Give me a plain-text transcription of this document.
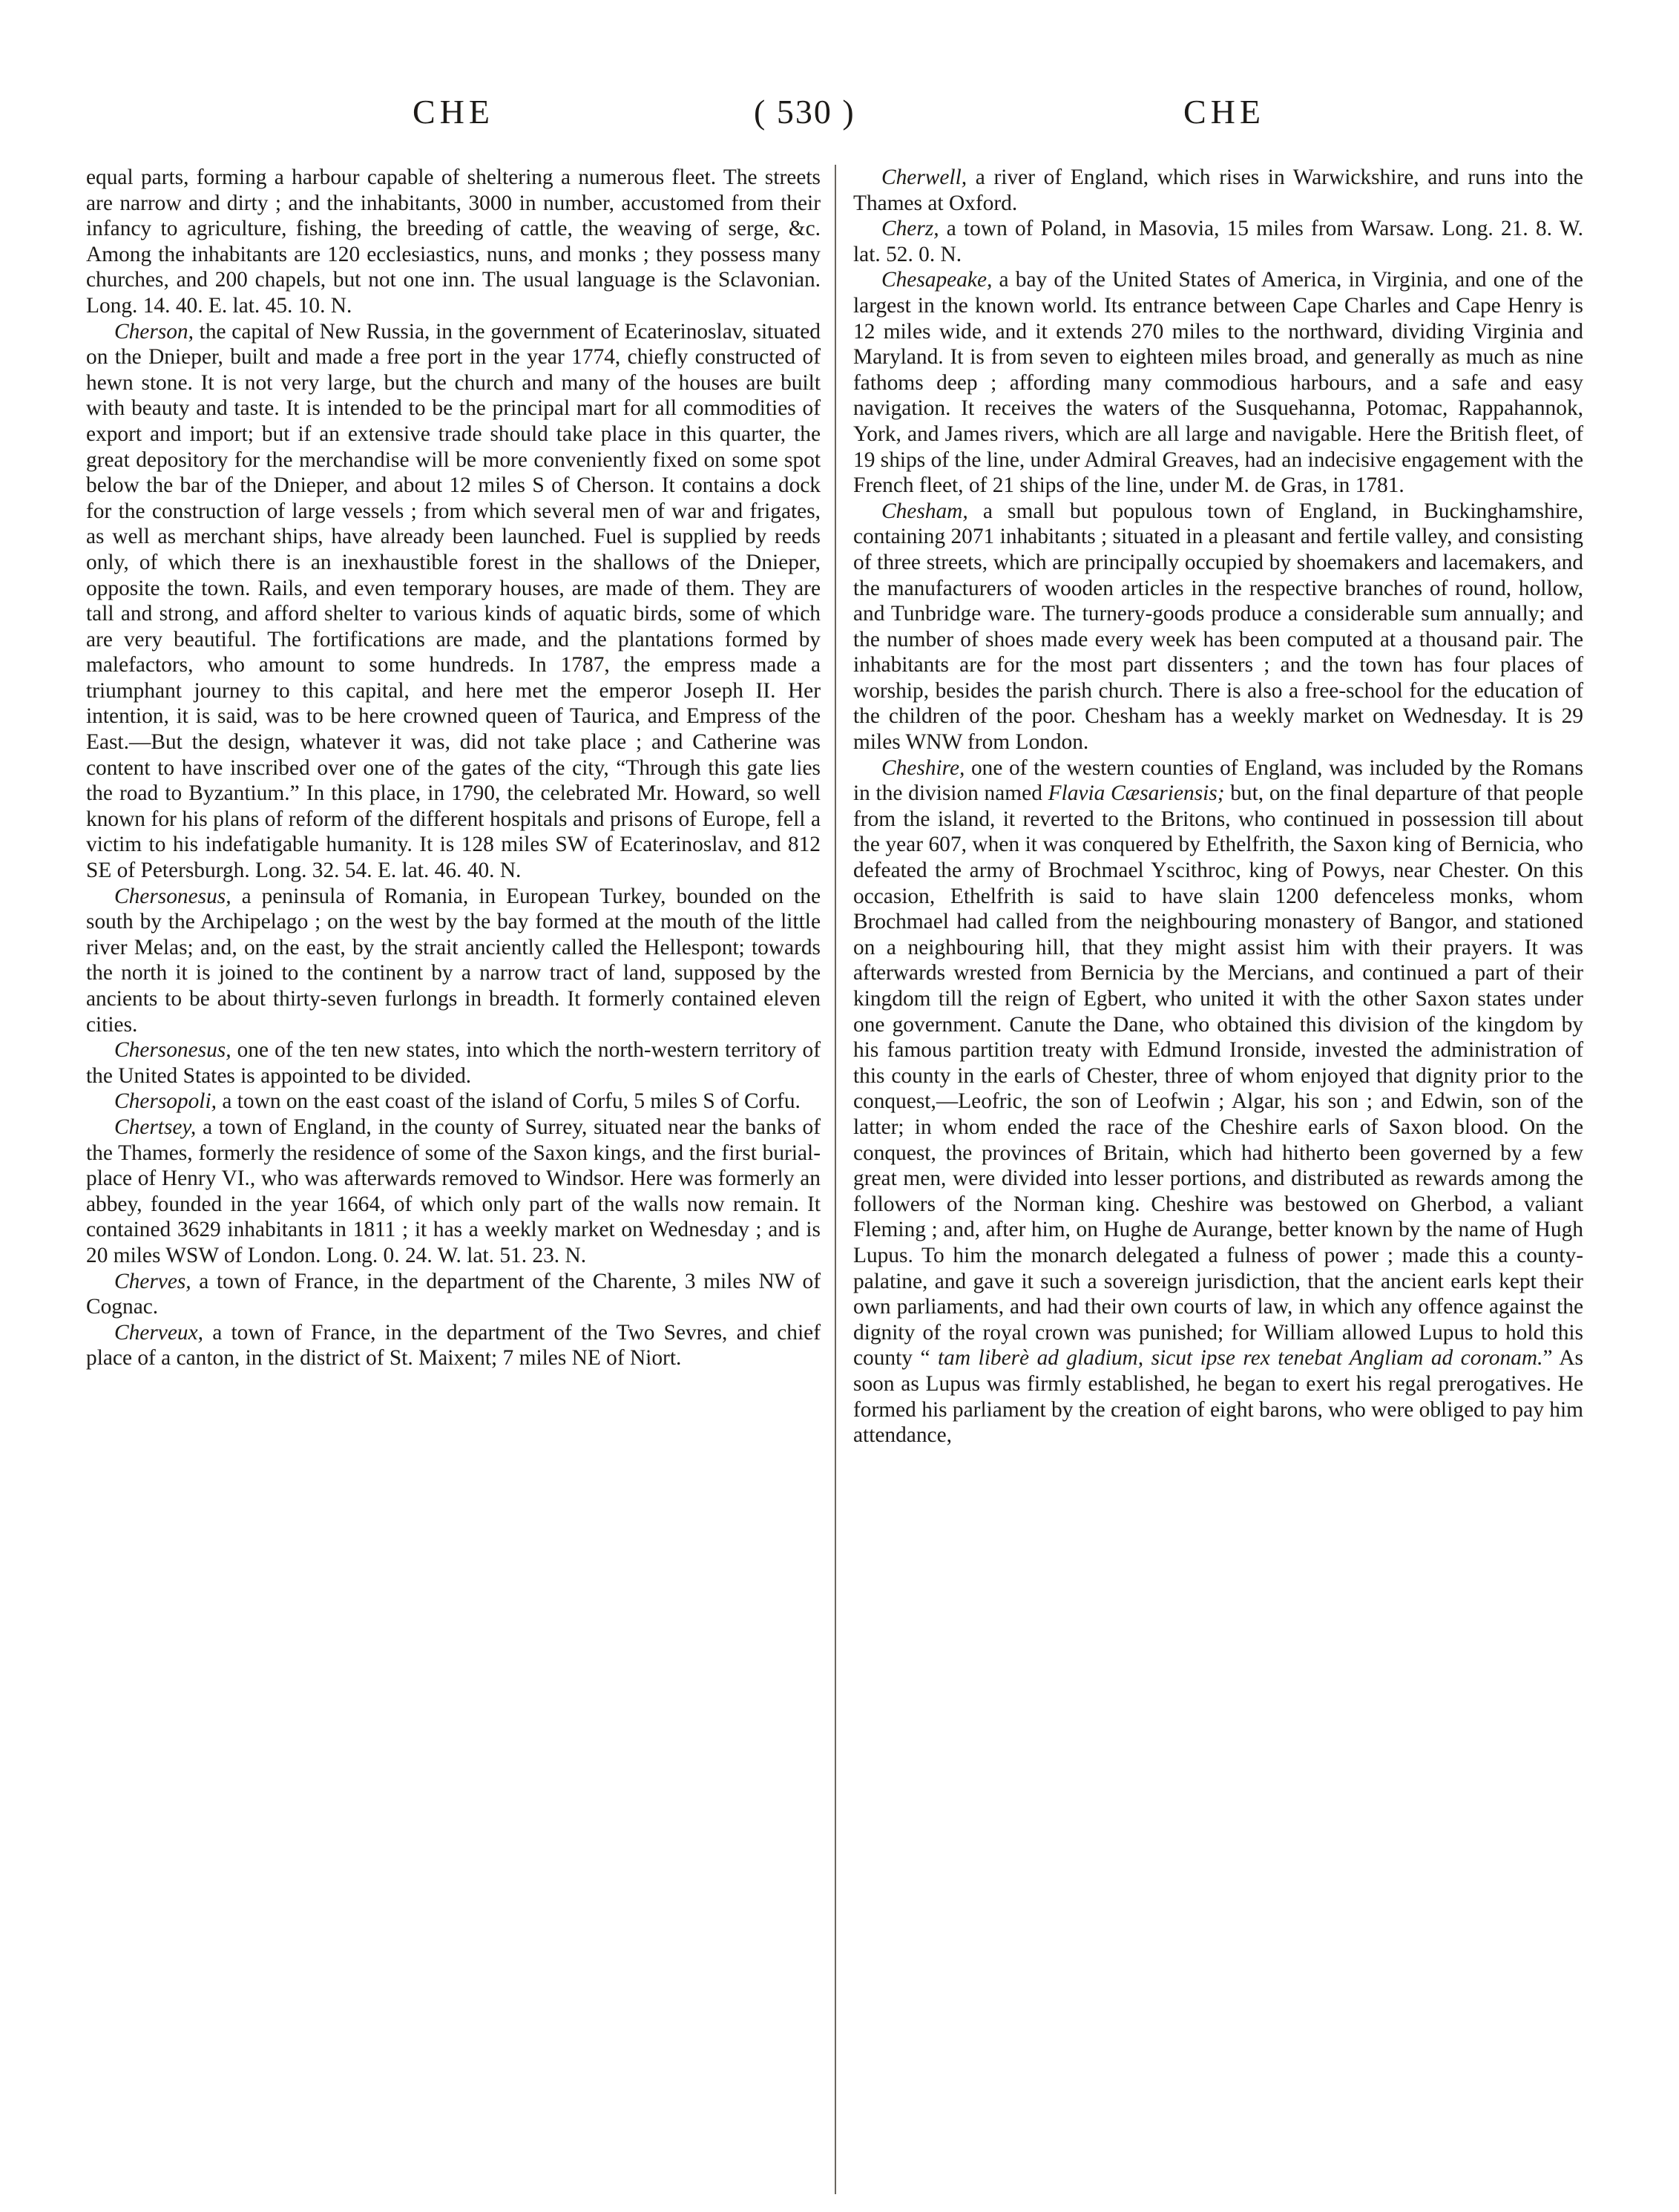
CHE	( 530 )	CHE

equal parts, forming a harbour capable of sheltering a numerous fleet. The streets are narrow and dirty ; and the inhabitants, 3000 in number, accustomed from their infancy to agriculture, fishing, the breeding of cattle, the weaving of serge, &c. Among the inhabitants are 120 ecclesiastics, nuns, and monks ; they possess many churches, and 200 chapels, but not one inn. The usual language is the Sclavonian. Long. 14. 40. E. lat. 45. 10. N.

Cherson, the capital of New Russia, in the government of Ecaterinoslav, situated on the Dnieper, built and made a free port in the year 1774, chiefly constructed of hewn stone. It is not very large, but the church and many of the houses are built with beauty and taste. It is intended to be the principal mart for all commodities of export and import; but if an extensive trade should take place in this quarter, the great depository for the merchandise will be more conveniently fixed on some spot below the bar of the Dnieper, and about 12 miles S of Cherson. It contains a dock for the construction of large vessels ; from which several men of war and frigates, as well as merchant ships, have already been launched. Fuel is supplied by reeds only, of which there is an inexhaustible forest in the shallows of the Dnieper, opposite the town. Rails, and even temporary houses, are made of them. They are tall and strong, and afford shelter to various kinds of aquatic birds, some of which are very beautiful. The fortifications are made, and the plantations formed by malefactors, who amount to some hundreds. In 1787, the empress made a triumphant journey to this capital, and here met the emperor Joseph II. Her intention, it is said, was to be here crowned queen of Taurica, and Empress of the East.—But the design, whatever it was, did not take place ; and Catherine was content to have inscribed over one of the gates of the city, “Through this gate lies the road to Byzantium.” In this place, in 1790, the celebrated Mr. Howard, so well known for his plans of reform of the different hospitals and prisons of Europe, fell a victim to his indefatigable humanity. It is 128 miles SW of Ecaterinoslav, and 812 SE of Petersburgh. Long. 32. 54. E. lat. 46. 40. N.

Chersonesus, a peninsula of Romania, in European Turkey, bounded on the south by the Archipelago ; on the west by the bay formed at the mouth of the little river Melas; and, on the east, by the strait anciently called the Hellespont; towards the north it is joined to the continent by a narrow tract of land, supposed by the ancients to be about thirty-seven furlongs in breadth. It formerly contained eleven cities.

Chersonesus, one of the ten new states, into which the north-western territory of the United States is appointed to be divided.

Chersopoli, a town on the east coast of the island of Corfu, 5 miles S of Corfu.

Chertsey, a town of England, in the county of Surrey, situated near the banks of the Thames, formerly the residence of some of the Saxon kings, and the first burial-place of Henry VI., who was afterwards removed to Windsor. Here was formerly an abbey, founded in the year 1664, of which only part of the walls now remain. It contained 3629 inhabitants in 1811 ; it has a weekly market on Wednesday ; and is 20 miles WSW of London. Long. 0. 24. W. lat. 51. 23. N.

Cherves, a town of France, in the department of the Charente, 3 miles NW of Cognac.

Cherveux, a town of France, in the department of the Two Sevres, and chief place of a canton, in the district of St. Maixent; 7 miles NE of Niort.

Cherwell, a river of England, which rises in Warwickshire, and runs into the Thames at Oxford.

Cherz, a town of Poland, in Masovia, 15 miles from Warsaw. Long. 21. 8. W. lat. 52. 0. N.

Chesapeake, a bay of the United States of America, in Virginia, and one of the largest in the known world. Its entrance between Cape Charles and Cape Henry is 12 miles wide, and it extends 270 miles to the northward, dividing Virginia and Maryland. It is from seven to eighteen miles broad, and generally as much as nine fathoms deep ; affording many commodious harbours, and a safe and easy navigation. It receives the waters of the Susquehanna, Potomac, Rappahannok, York, and James rivers, which are all large and navigable. Here the British fleet, of 19 ships of the line, under Admiral Greaves, had an indecisive engagement with the French fleet, of 21 ships of the line, under M. de Gras, in 1781.

Chesham, a small but populous town of England, in Buckinghamshire, containing 2071 inhabitants ; situated in a pleasant and fertile valley, and consisting of three streets, which are principally occupied by shoemakers and lacemakers, and the manufacturers of wooden articles in the respective branches of round, hollow, and Tunbridge ware. The turnery-goods produce a considerable sum annually; and the number of shoes made every week has been computed at a thousand pair. The inhabitants are for the most part dissenters ; and the town has four places of worship, besides the parish church. There is also a free-school for the education of the children of the poor. Chesham has a weekly market on Wednesday. It is 29 miles WNW from London.

Cheshire, one of the western counties of England, was included by the Romans in the division named Flavia Cæsariensis; but, on the final departure of that people from the island, it reverted to the Britons, who continued in possession till about the year 607, when it was conquered by Ethelfrith, the Saxon king of Bernicia, who defeated the army of Brochmael Yscithroc, king of Powys, near Chester. On this occasion, Ethelfrith is said to have slain 1200 defenceless monks, whom Brochmael had called from the neighbouring monastery of Bangor, and stationed on a neighbouring hill, that they might assist him with their prayers. It was afterwards wrested from Bernicia by the Mercians, and continued a part of their kingdom till the reign of Egbert, who united it with the other Saxon states under one government. Canute the Dane, who obtained this division of the kingdom by his famous partition treaty with Edmund Ironside, invested the administration of this county in the earls of Chester, three of whom enjoyed that dignity prior to the conquest,—Leofric, the son of Leofwin ; Algar, his son ; and Edwin, son of the latter; in whom ended the race of the Cheshire earls of Saxon blood. On the conquest, the provinces of Britain, which had hitherto been governed by a few great men, were divided into lesser portions, and distributed as rewards among the followers of the Norman king. Cheshire was bestowed on Gherbod, a valiant Fleming ; and, after him, on Hughe de Aurange, better known by the name of Hugh Lupus. To him the monarch delegated a fulness of power ; made this a county-palatine, and gave it such a sovereign jurisdiction, that the ancient earls kept their own parliaments, and had their own courts of law, in which any offence against the dignity of the royal crown was punished; for William allowed Lupus to hold this county “ tam liberè ad gladium, sicut ipse rex tenebat Angliam ad coronam.” As soon as Lupus was firmly established, he began to exert his regal prerogatives. He formed his parliament by the creation of eight barons, who were obliged to pay him attendance,
